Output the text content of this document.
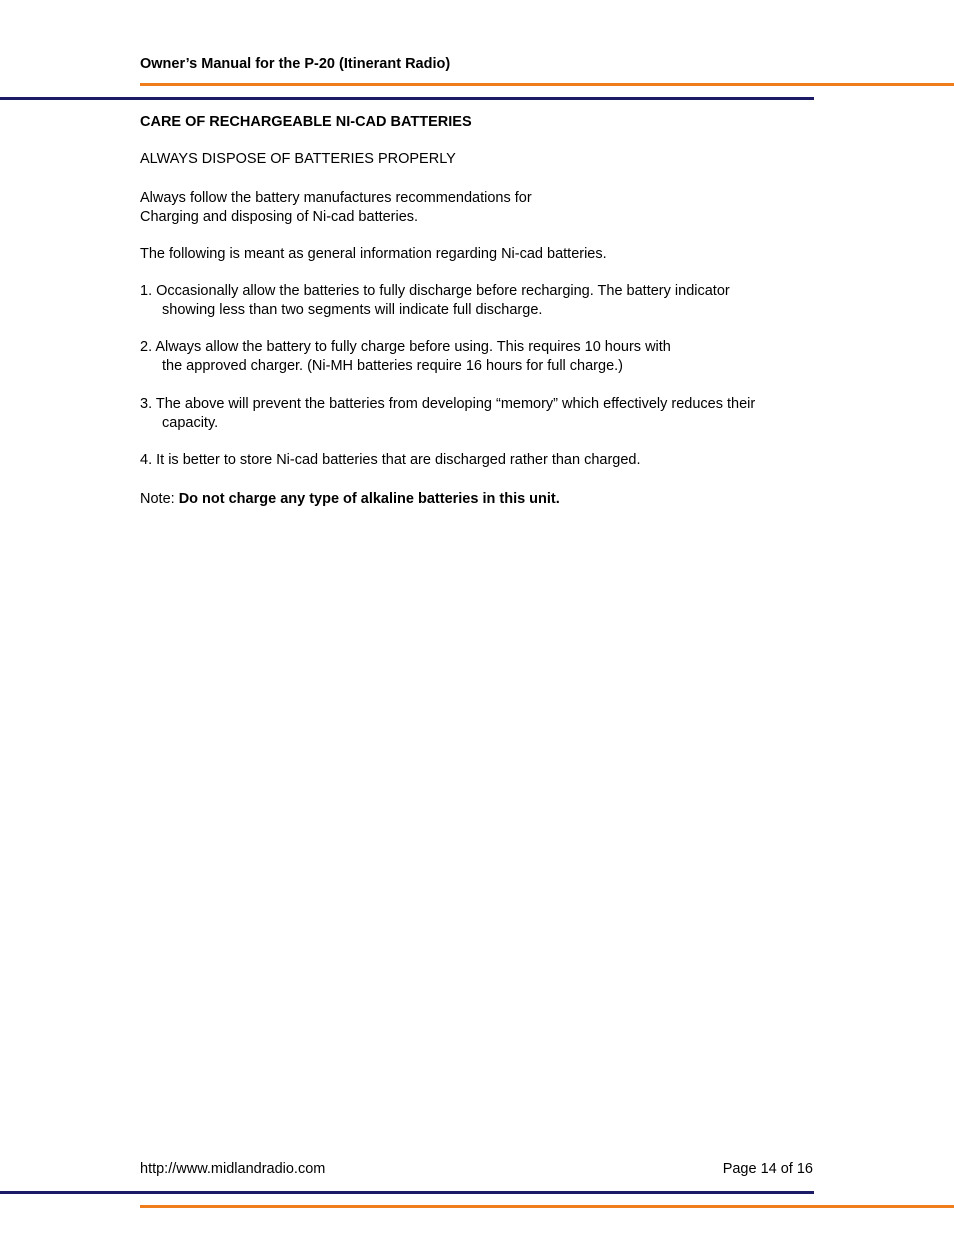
Owner’s Manual for the P-20 (Itinerant Radio)
CARE OF RECHARGEABLE NI-CAD BATTERIES
ALWAYS DISPOSE OF BATTERIES PROPERLY
Always follow the battery manufactures recommendations for
Charging and disposing of Ni-cad batteries.
The following is meant as general information regarding Ni-cad batteries.
1. Occasionally allow the batteries to fully discharge before recharging. The battery indicator
showing less than two segments will indicate full discharge.
2. Always allow the battery to fully charge before using. This requires 10 hours with
the approved charger. (Ni-MH batteries require 16 hours for full charge.)
3. The above will prevent the batteries from developing “memory” which effectively reduces their
capacity.
4. It is better to store Ni-cad batteries that are discharged rather than charged.
Note: Do not charge any type of alkaline batteries in this unit.
http://www.midlandradio.com	Page 14 of 16
